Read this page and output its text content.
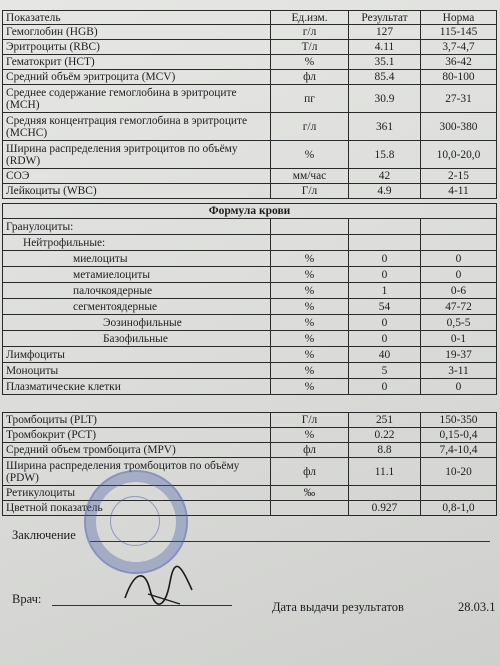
Показатель	Ед.изм.	Результат	Норма
Гемоглобин (HGB)	г/л	127	115-145
Эритроциты (RBC)	Т/л	4.11	3,7-4,7
Гематокрит (HCT)	%	35.1	36-42
Средний объём эритроцита (MCV)	фл	85.4	80-100
Среднее содержание гемоглобина в эритроците (MCH)	пг	30.9	27-31
Средняя концентрация гемоглобина в эритроците (MCHC)	г/л	361	300-380
Ширина распределения эритроцитов по объёму (RDW)	%	15.8	10,0-20,0
СОЭ	мм/час	42	2-15
Лейкоциты (WBC)	Г/л	4.9	4-11
Формула крови			
Гранулоциты:			
Нейтрофильные:			
миелоциты	%	0	0
метамиелоциты	%	0	0
палочкоядерные	%	1	0-6
сегментоядерные	%	54	47-72
Эозинофильные	%	0	0,5-5
Базофильные	%	0	0-1
Лимфоциты	%	40	19-37
Моноциты	%	5	3-11
Плазматические клетки	%	0	0
Тромбоциты (PLT)	Г/л	251	150-350
Тромбокрит (PCT)	%	0.22	0,15-0,4
Средний объем тромбоцита (MPV)	фл	8.8	7,4-10,4
Ширина распределения тромбоцитов по объёму (PDW)	фл	11.1	10-20
Ретикулоциты	‰		
Цветной показатель		0.927	0,8-1,0
Заключение
Врач:
Дата выдачи результатов	28.03.1
